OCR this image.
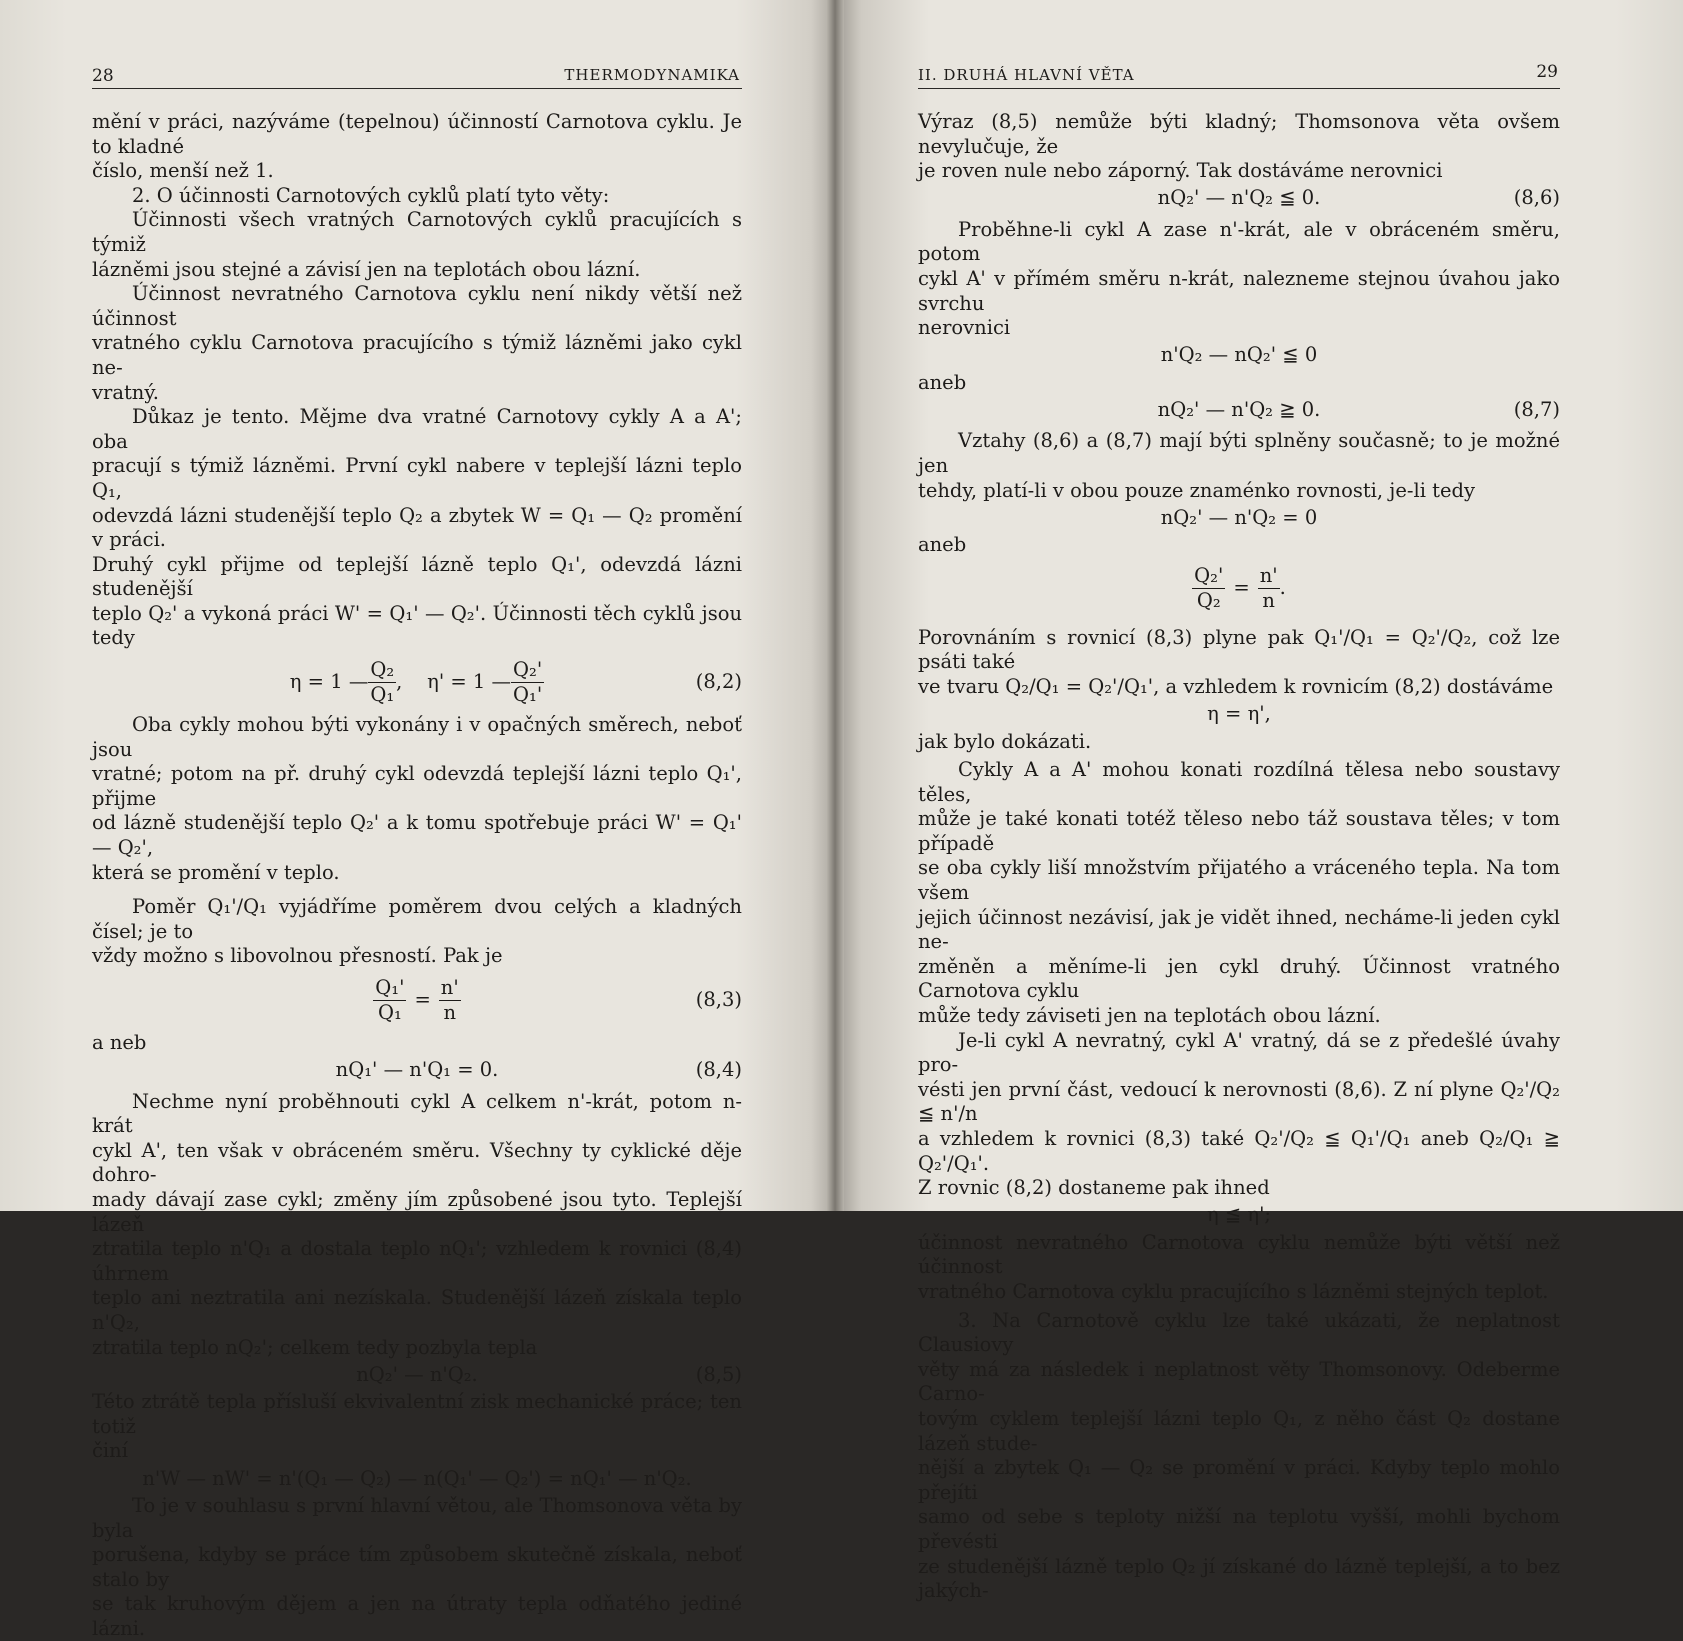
28	THERMODYNAMIKA

mění v práci, nazýváme (tepelnou) účinností Carnotova cyklu. Je to kladné

číslo, menší než 1.

2. O účinnosti Carnotových cyklů platí tyto věty:

Účinnosti všech vratných Carnotových cyklů pracujících s týmiž

lázněmi jsou stejné a závisí jen na teplotách obou lázní.

Účinnost nevratného Carnotova cyklu není nikdy větší než účinnost

vratného cyklu Carnotova pracujícího s týmiž lázněmi jako cykl ne-

vratný.

Důkaz je tento. Mějme dva vratné Carnotovy cykly A a A'; oba

pracují s týmiž lázněmi. První cykl nabere v teplejší lázni teplo Q₁,

odevzdá lázni studenější teplo Q₂ a zbytek W = Q₁ — Q₂ promění v práci.

Druhý cykl přijme od teplejší lázně teplo Q₁', odevzdá lázni studenější

teplo Q₂' a vykoná práci W' = Q₁' — Q₂'. Účinnosti těch cyklů jsou tedy

η = 1 — $\frac{\text{Q₂}}{\text{Q₁}}$ ,    η' = 1 — $\frac{\text{Q₂'}}{\text{Q₁'}}$	(8,2)

Oba cykly mohou býti vykonány i v opačných směrech, neboť jsou

vratné; potom na př. druhý cykl odevzdá teplejší lázni teplo Q₁', přijme

od lázně studenější teplo Q₂' a k tomu spotřebuje práci W' = Q₁' — Q₂',

která se promění v teplo.

Poměr Q₁'/Q₁ vyjádříme poměrem dvou celých a kladných čísel; je to

vždy možno s libovolnou přesností. Pak je

$\frac{\text{Q₁'}}{\text{Q₁}} = \frac{n'}{n}$	(8,3)

a neb

nQ₁' — n'Q₁ = 0.	(8,4)

Nechme nyní proběhnouti cykl A celkem n'-krát, potom n-krát

cykl A', ten však v obráceném směru. Všechny ty cyklické děje dohro-

mady dávají zase cykl; změny jím způsobené jsou tyto. Teplejší lázeň

ztratila teplo n'Q₁ a dostala teplo nQ₁'; vzhledem k rovnici (8,4) úhrnem

teplo ani neztratila ani nezískala. Studenější lázeň získala teplo n'Q₂,

ztratila teplo nQ₂'; celkem tedy pozbyla tepla

nQ₂' — n'Q₂.	(8,5)

Této ztrátě tepla přísluší ekvivalentní zisk mechanické práce; ten totiž

činí

n'W — nW' = n'(Q₁ — Q₂) — n(Q₁' — Q₂') = nQ₁' — n'Q₂.

To je v souhlasu s první hlavní větou, ale Thomsonova věta by byla

porušena, kdyby se práce tím způsobem skutečně získala, neboť stalo by

se tak kruhovým dějem a jen na útraty tepla odňatého jediné lázni.

II. DRUHÁ HLAVNÍ VĚTA	29

Výraz (8,5) nemůže býti kladný; Thomsonova věta ovšem nevylučuje, že

je roven nule nebo záporný. Tak dostáváme nerovnici

nQ₂' — n'Q₂ ≦ 0.	(8,6)

Proběhne-li cykl A zase n'-krát, ale v obráceném směru, potom

cykl A' v přímém směru n-krát, nalezneme stejnou úvahou jako svrchu

nerovnici

n'Q₂ — nQ₂' ≦ 0

aneb

nQ₂' — n'Q₂ ≧ 0.	(8,7)

Vztahy (8,6) a (8,7) mají býti splněny současně; to je možné jen

tehdy, platí-li v obou pouze znaménko rovnosti, je-li tedy

nQ₂' — n'Q₂ = 0

aneb

$\frac{\text{Q₂'}}{\text{Q₂}} = \frac{n'}{n}$ .

Porovnáním s rovnicí (8,3) plyne pak Q₁'/Q₁ = Q₂'/Q₂, což lze psáti také

ve tvaru Q₂/Q₁ = Q₂'/Q₁', a vzhledem k rovnicím (8,2) dostáváme

η = η',

jak bylo dokázati.

Cykly A a A' mohou konati rozdílná tělesa nebo soustavy těles,

může je také konati totéž těleso nebo táž soustava těles; v tom případě

se oba cykly liší množstvím přijatého a vráceného tepla. Na tom všem

jejich účinnost nezávisí, jak je vidět ihned, necháme-li jeden cykl ne-

změněn a měníme-li jen cykl druhý. Účinnost vratného Carnotova cyklu

může tedy záviseti jen na teplotách obou lázní.

Je-li cykl A nevratný, cykl A' vratný, dá se z předešlé úvahy pro-

vésti jen první část, vedoucí k nerovnosti (8,6). Z ní plyne Q₂'/Q₂ ≦ n'/n

a vzhledem k rovnici (8,3) také Q₂'/Q₂ ≦ Q₁'/Q₁ aneb Q₂/Q₁ ≧ Q₂'/Q₁'.

Z rovnic (8,2) dostaneme pak ihned

η ≦ η';

účinnost nevratného Carnotova cyklu nemůže býti větší než účinnost

vratného Carnotova cyklu pracujícího s lázněmi stejných teplot.

3. Na Carnotově cyklu lze také ukázati, že neplatnost Clausiovy

věty má za následek i neplatnost věty Thomsonovy. Odeberme Carno-

tovým cyklem teplejší lázni teplo Q₁, z něho část Q₂ dostane lázeň stude-

nější a zbytek Q₁ — Q₂ se promění v práci. Kdyby teplo mohlo přejíti

samo od sebe s teploty nižší na teplotu vyšší, mohli bychom převésti

ze studenější lázně teplo Q₂ jí získané do lázně teplejší, a to bez jakých-
